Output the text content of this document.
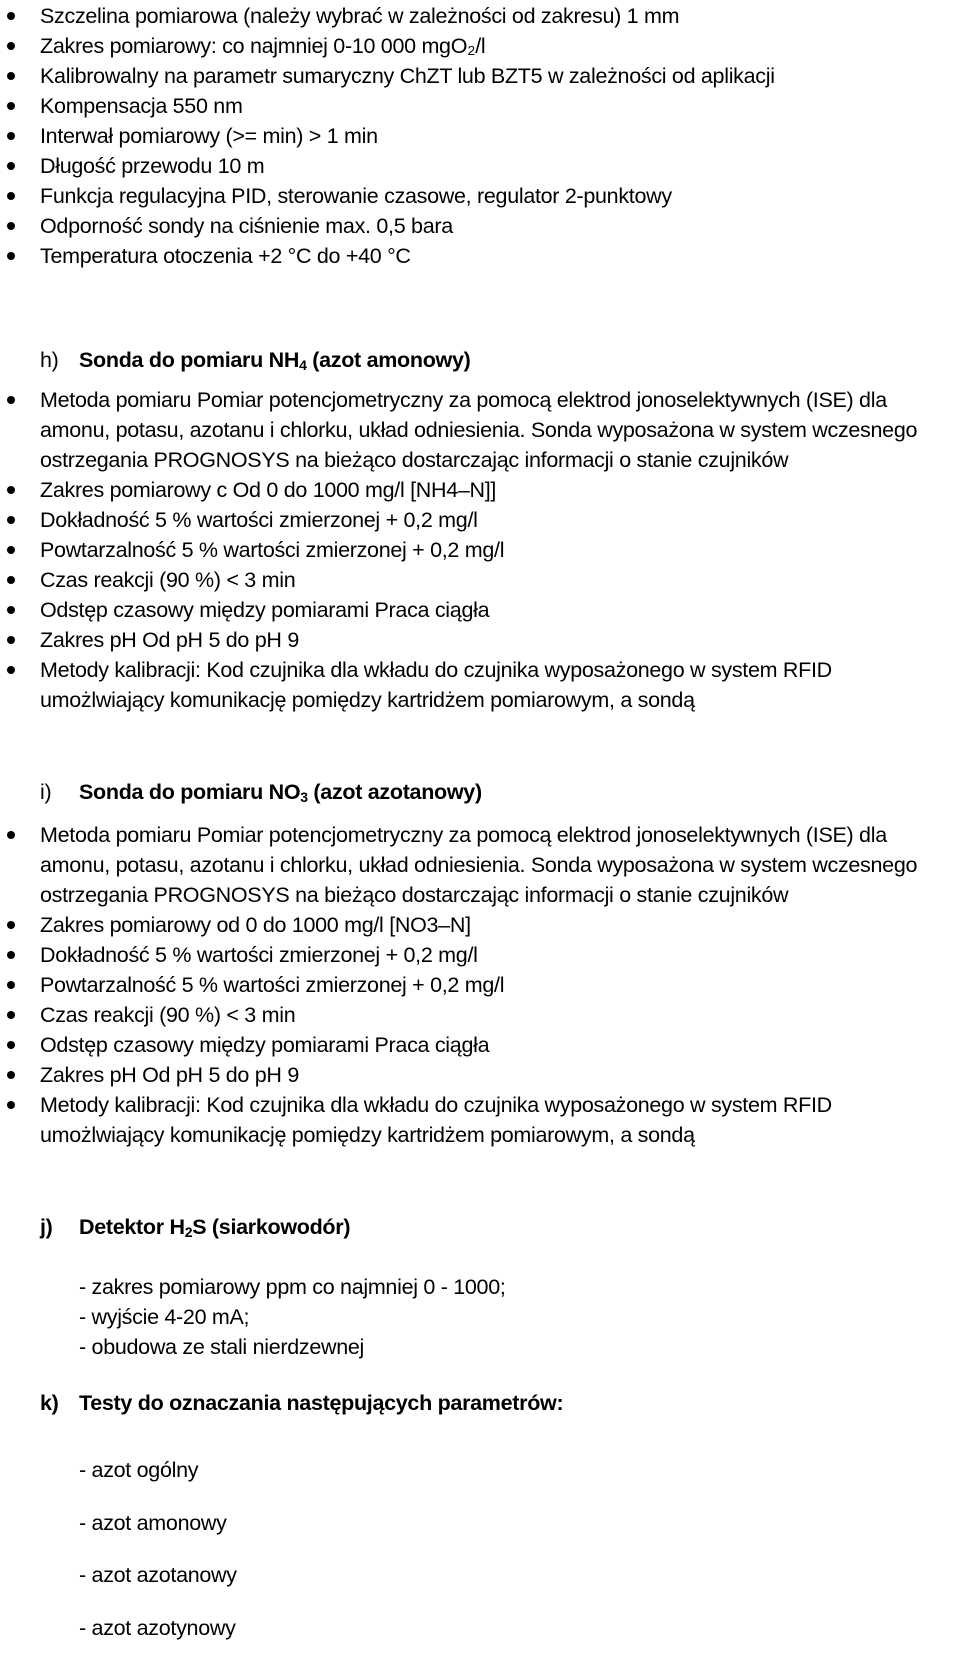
Szczelina pomiarowa (należy wybrać w zależności od zakresu) 1 mm
Zakres pomiarowy: co najmniej 0-10 000 mgO₂/l
Kalibrowalny na parametr sumaryczny ChZT lub BZT5 w zależności od aplikacji
Kompensacja 550 nm
Interwał pomiarowy (>= min) > 1 min
Długość przewodu 10 m
Funkcja regulacyjna PID, sterowanie czasowe, regulator 2-punktowy
Odporność sondy na ciśnienie max. 0,5 bara
Temperatura otoczenia +2 °C do +40 °C
h) Sonda do pomiaru NH4 (azot amonowy)
Metoda pomiaru Pomiar potencjometryczny za pomocą elektrod jonoselektywnych (ISE) dla
amonu, potasu, azotanu i chlorku, układ odniesienia. Sonda wyposażona w system wczesnego
ostrzegania PROGNOSYS na bieżąco dostarczając informacji o stanie czujników
Zakres pomiarowy c Od 0 do 1000 mg/l [NH4–N]]
Dokładność 5 % wartości zmierzonej + 0,2 mg/l
Powtarzalność 5 % wartości zmierzonej + 0,2 mg/l
Czas reakcji (90 %) < 3 min
Odstęp czasowy między pomiarami Praca ciągła
Zakres pH Od pH 5 do pH 9
Metody kalibracji: Kod czujnika dla wkładu do czujnika wyposażonego w system RFID
umożlwiający komunikację pomiędzy kartridżem pomiarowym, a sondą
i) Sonda do pomiaru NO3 (azot azotanowy)
Metoda pomiaru Pomiar potencjometryczny za pomocą elektrod jonoselektywnych (ISE) dla
amonu, potasu, azotanu i chlorku, układ odniesienia. Sonda wyposażona w system wczesnego
ostrzegania PROGNOSYS na bieżąco dostarczając informacji o stanie czujników
Zakres pomiarowy od 0 do 1000 mg/l [NO3–N]
Dokładność 5 % wartości zmierzonej + 0,2 mg/l
Powtarzalność 5 % wartości zmierzonej + 0,2 mg/l
Czas reakcji (90 %) < 3 min
Odstęp czasowy między pomiarami Praca ciągła
Zakres pH Od pH 5 do pH 9
Metody kalibracji: Kod czujnika dla wkładu do czujnika wyposażonego w system RFID
umożlwiający komunikację pomiędzy kartridżem pomiarowym, a sondą
j) Detektor H2S (siarkowodór)
- zakres pomiarowy ppm co najmniej 0 - 1000;
- wyjście 4-20 mA;
- obudowa ze stali nierdzewnej
k) Testy do oznaczania następujących parametrów:
- azot ogólny
- azot amonowy
- azot azotanowy
- azot azotynowy
